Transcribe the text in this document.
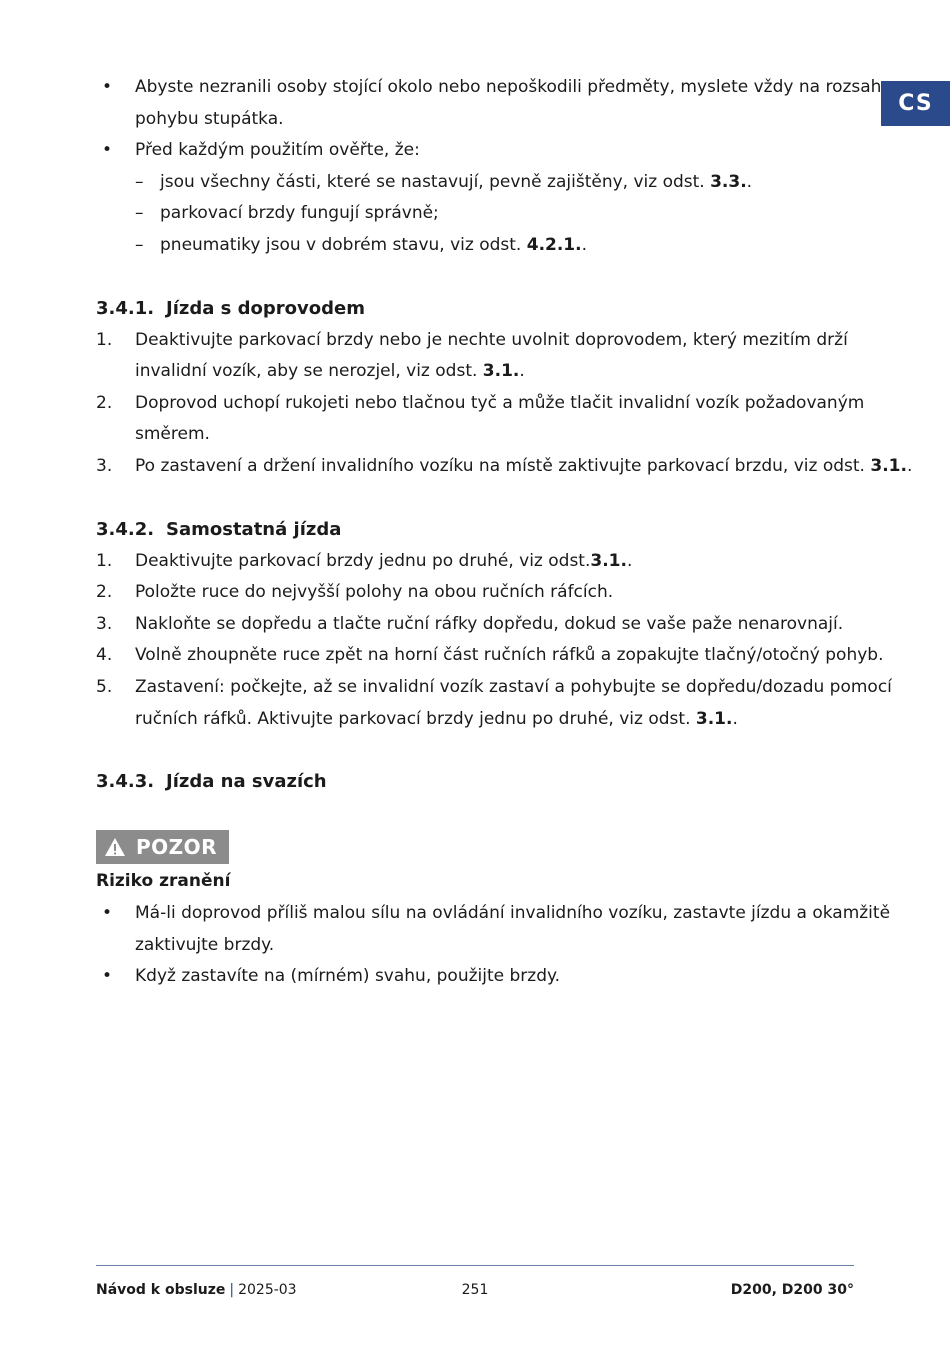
CS
• Abyste nezranili osoby stojící okolo nebo nepoškodili předměty, myslete vždy na rozsah
pohybu stupátka.
• Před každým použitím ověřte, že:
– jsou všechny části, které se nastavují, pevně zajištěny, viz odst. 3.3..
– parkovací brzdy fungují správně;
– pneumatiky jsou v dobrém stavu, viz odst. 4.2.1..
3.4.1. Jízda s doprovodem
1. Deaktivujte parkovací brzdy nebo je nechte uvolnit doprovodem, který mezitím drží
invalidní vozík, aby se nerozjel, viz odst. 3.1..
2. Doprovod uchopí rukojeti nebo tlačnou tyč a může tlačit invalidní vozík požadovaným
směrem.
3. Po zastavení a držení invalidního vozíku na místě zaktivujte parkovací brzdu, viz odst. 3.1..
3.4.2. Samostatná jízda
1. Deaktivujte parkovací brzdy jednu po druhé, viz odst.3.1..
2. Položte ruce do nejvyšší polohy na obou ručních ráfcích.
3. Nakloňte se dopředu a tlačte ruční ráfky dopředu, dokud se vaše paže nenarovnají.
4. Volně zhoupněte ruce zpět na horní část ručních ráfků a zopakujte tlačný/otočný pohyb.
5. Zastavení: počkejte, až se invalidní vozík zastaví a pohybujte se dopředu/dozadu pomocí
ručních ráfků. Aktivujte parkovací brzdy jednu po druhé, viz odst. 3.1..
3.4.3. Jízda na svazích
POZOR
Riziko zranění
• Má-li doprovod příliš malou sílu na ovládání invalidního vozíku, zastavte jízdu a okamžitě
zaktivujte brzdy.
• Když zastavíte na (mírném) svahu, použijte brzdy.
Návod k obsluze | 2025-03	251	D200, D200 30°
